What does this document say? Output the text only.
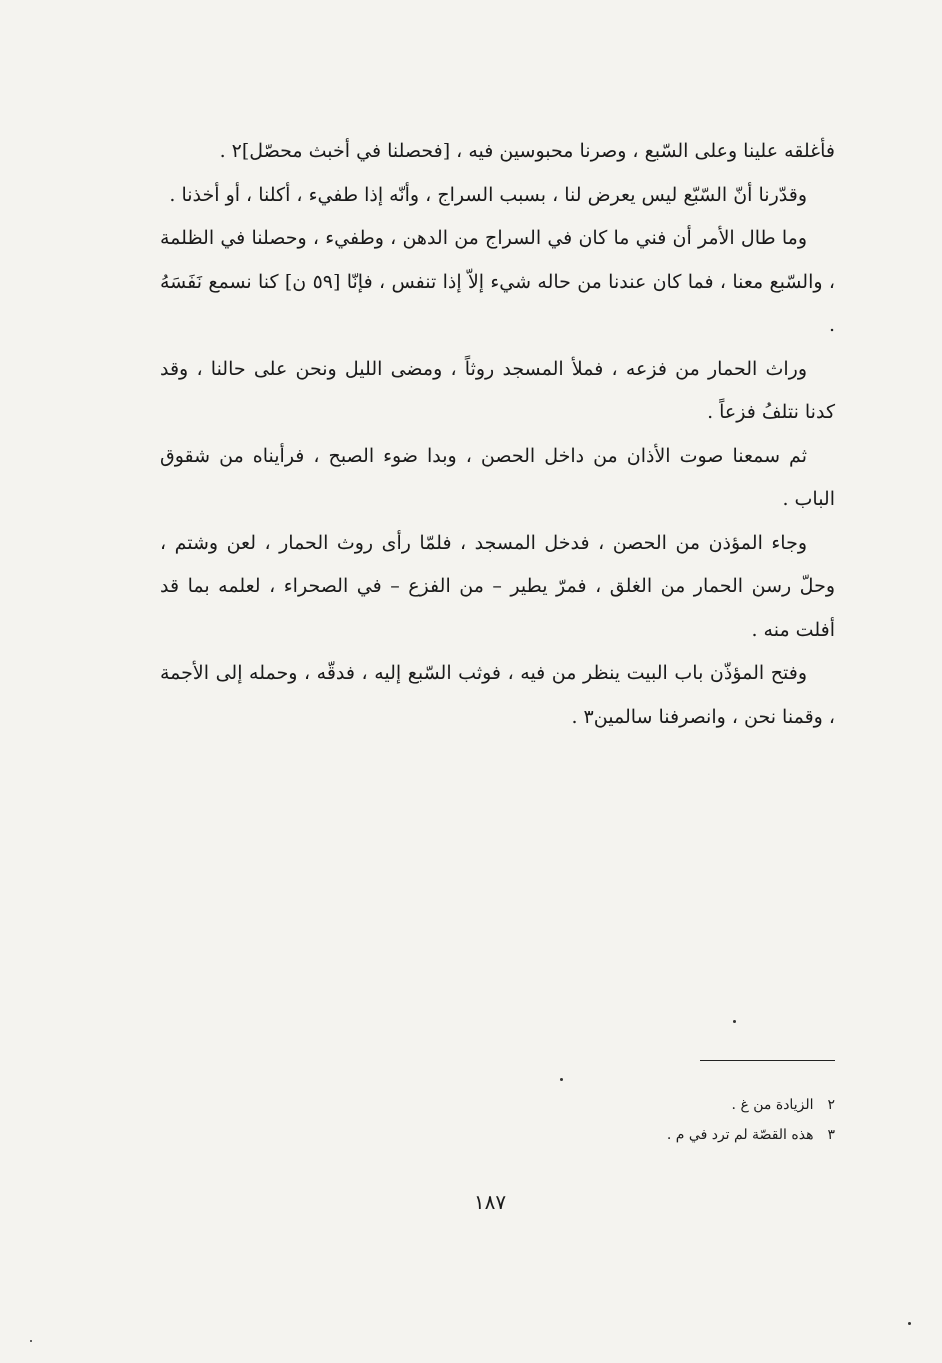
فأغلقه علينا وعلى السّبع ، وصرنا محبوسين فيه ، [فحصلنا في أخبث محصّل]٢ .

وقدّرنا أنّ السّبّع ليس يعرض لنا ، بسبب السراج ، وأنّه إذا طفيء ، أكلنا ، أو أخذنا .

وما طال الأمر أن فني ما كان في السراج من الدهن ، وطفيء ، وحصلنا في الظلمة ، والسّبع معنا ، فما كان عندنا من حاله شيء إلاّ إذا تنفس ، فإنّا [٥٩ ن] كنا نسمع نَفَسَهُ .

وراث الحمار من فزعه ، فملأ المسجد روثاً ، ومضى الليل ونحن على حالنا ، وقد كدنا نتلفُ فزعاً .

ثم سمعنا صوت الأذان من داخل الحصن ، وبدا ضوء الصبح ، فرأيناه من شقوق الباب .

وجاء المؤذن من الحصن ، فدخل المسجد ، فلمّا رأى روث الحمار ، لعن وشتم ، وحلّ رسن الحمار من الغلق ، فمرّ يطير – من الفزع – في الصحراء ، لعلمه بما قد أفلت منه .

وفتح المؤذّن باب البيت ينظر من فيه ، فوثب السّبع إليه ، فدقّه ، وحمله إلى الأجمة ، وقمنا نحن ، وانصرفنا سالمين٣ .

٢الزيادة من غ .

٣هذه القصّة لم ترد في م .

١٨٧
